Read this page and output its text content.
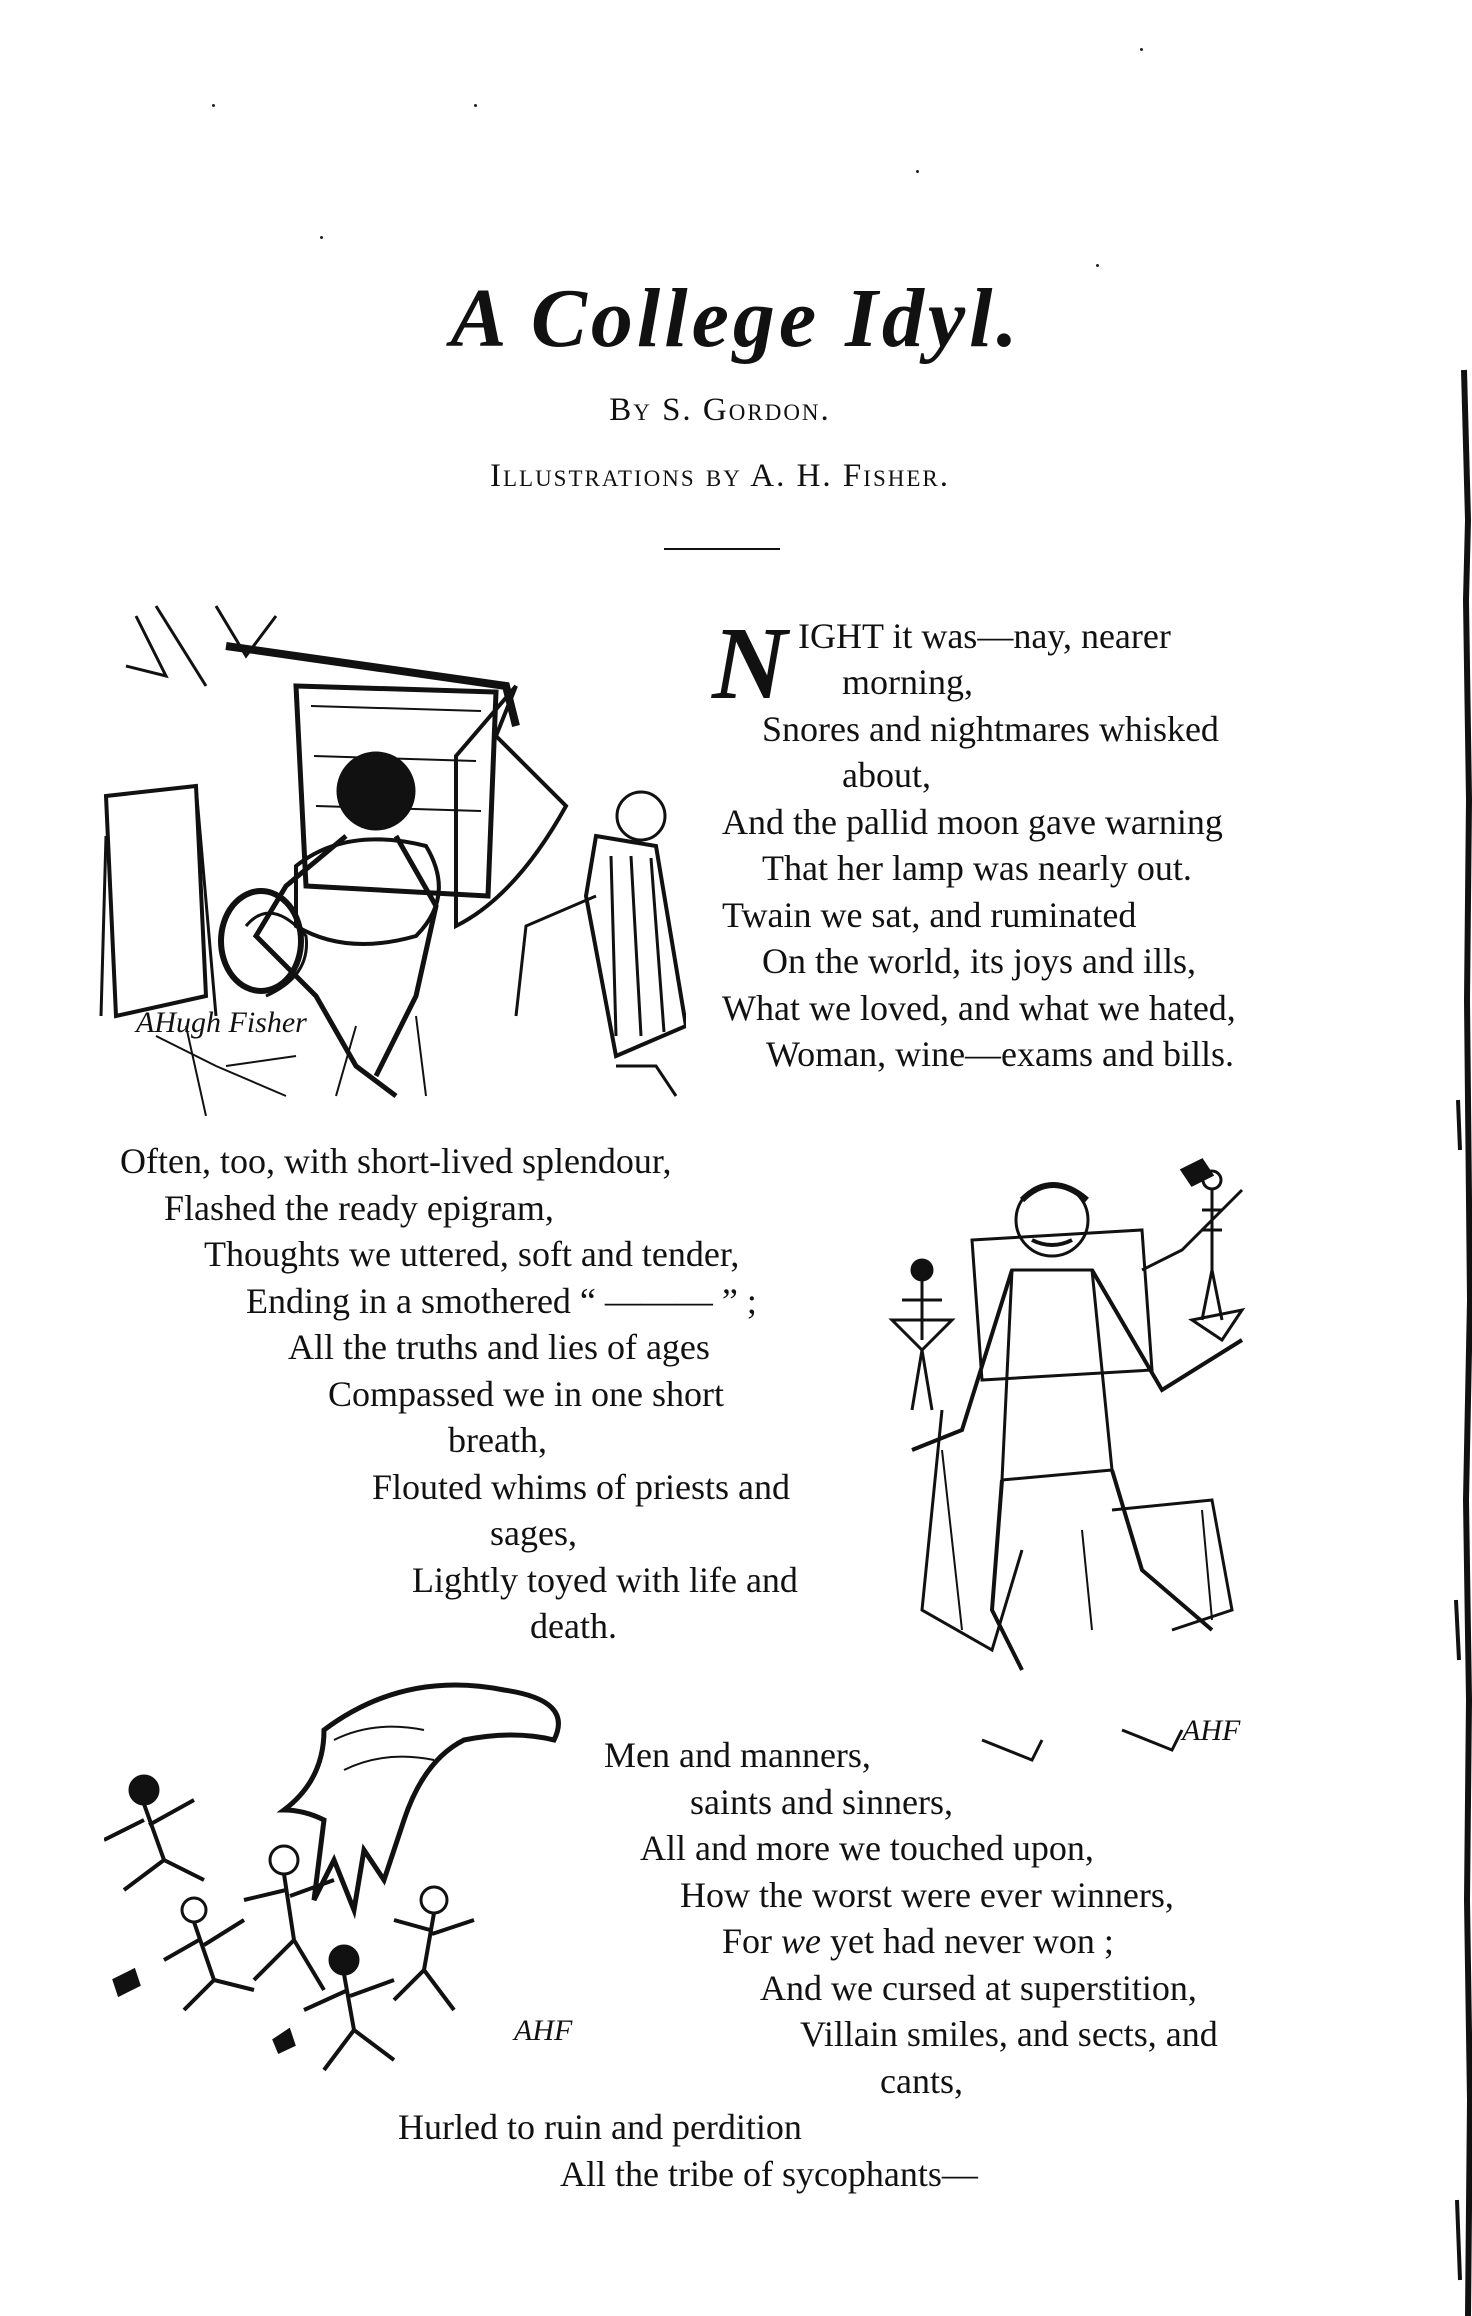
A College Idyl.
By S. Gordon.
Illustrations by A. H. Fisher.
AHugh Fisher
N IGHT it was—nay, nearer
morning,
Snores and nightmares whisked
about,
And the pallid moon gave warning
That her lamp was nearly out.
Twain we sat, and ruminated
On the world, its joys and ills,
What we loved, and what we hated,
Woman, wine—exams and bills.
Often, too, with short-lived splendour,
Flashed the ready epigram,
Thoughts we uttered, soft and tender,
Ending in a smothered “ ——— ” ;
All the truths and lies of ages
Compassed we in one short
breath,
Flouted whims of priests and
sages,
Lightly toyed with life and
death.
AHF
AHF
Men and manners,
saints and sinners,
All and more we touched upon,
How the worst were ever winners,
For we yet had never won ;
And we cursed at superstition,
Villain smiles, and sects, and
cants,
Hurled to ruin and perdition
All the tribe of sycophants—
